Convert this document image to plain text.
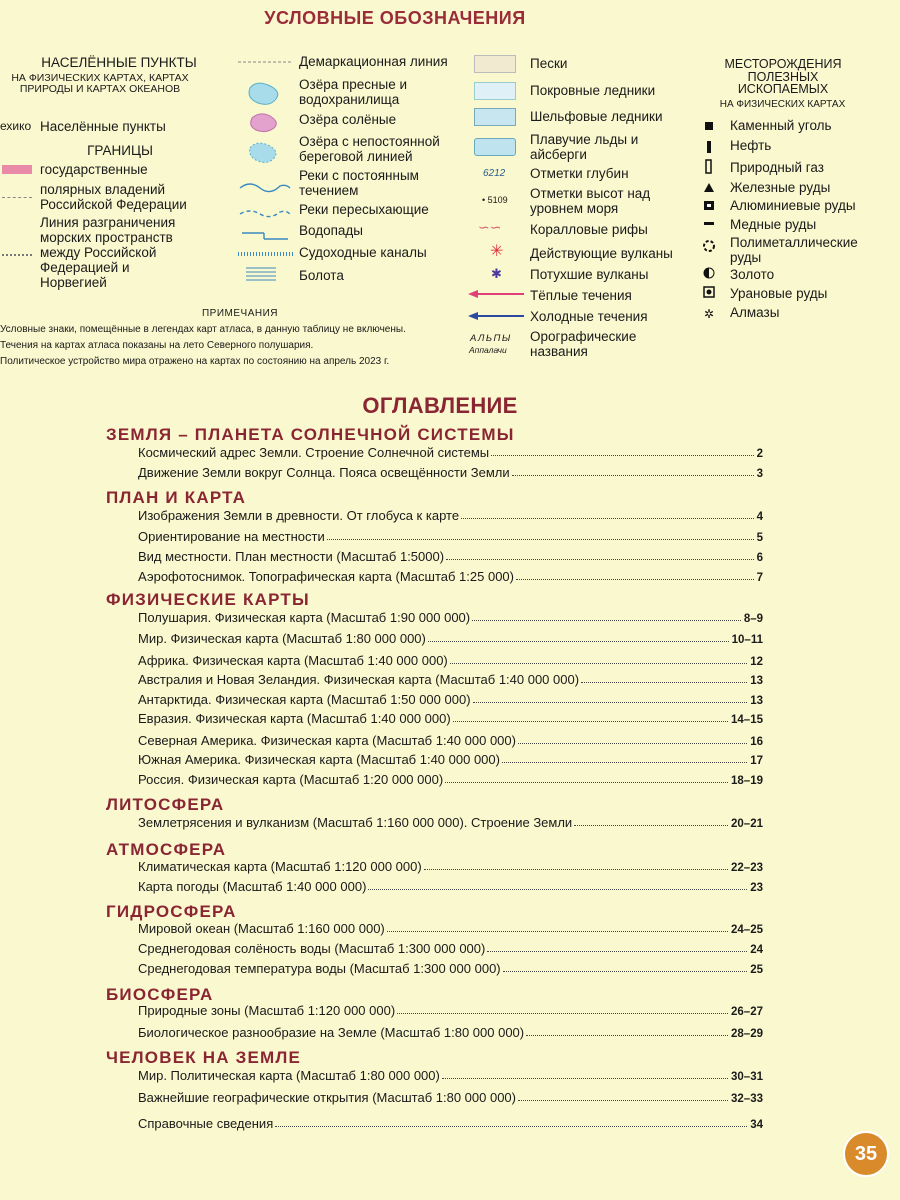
УСЛОВНЫЕ ОБОЗНАЧЕНИЯ
НАСЕЛЁННЫЕ ПУНКТЫ
НА ФИЗИЧЕСКИХ КАРТАХ, КАРТАХ ПРИРОДЫ И КАРТАХ ОКЕАНОВ
ехико Населённые пункты
ГРАНИЦЫ
государственные
полярных владений Российской Федерации
Линия разграничения морских пространств между Российской Федерацией и Норвегией
Демаркационная линия
Озёра пресные и водохранилища
Озёра солёные
Озёра с непостоянной береговой линией
Реки с постоянным течением
Реки пересыхающие
Водопады
Судоходные каналы
Болота
6212
• 5109
∽∽
✳
✱
АЛЬПЫ
Аппалачи
Пески
Покровные ледники
Шельфовые ледники
Плавучие льды и айсберги
Отметки глубин
Отметки высот над уровнем моря
Коралловые рифы
Действующие вулканы
Потухшие вулканы
Тёплые течения
Холодные течения
Орографические названия
МЕСТОРОЖДЕНИЯ ПОЛЕЗНЫХ ИСКОПАЕМЫХ
НА ФИЗИЧЕСКИХ КАРТАХ
✲
Каменный уголь
Нефть
Природный газ
Железные руды
Алюминиевые руды
Медные руды
Полиметаллические руды
Золото
Урановые руды
Алмазы
ПРИМЕЧАНИЯ
Условные знаки, помещённые в легендах карт атласа, в данную таблицу не включены.
Течения на картах атласа показаны на лето Северного полушария.
Политическое устройство мира отражено на картах по состоянию на апрель 2023 г.
ОГЛАВЛЕНИЕ
ЗЕМЛЯ – ПЛАНЕТА СОЛНЕЧНОЙ СИСТЕМЫ
Космический адрес Земли. Строение Солнечной системы	2
Движение Земли вокруг Солнца. Пояса освещённости Земли	3
ПЛАН И КАРТА
Изображения Земли в древности. От глобуса к карте	4
Ориентирование на местности	5
Вид местности. План местности (Масштаб 1:5000)	6
Аэрофотоснимок. Топографическая карта (Масштаб 1:25 000)	7
ФИЗИЧЕСКИЕ КАРТЫ
Полушария. Физическая карта (Масштаб 1:90 000 000)	8–9
Мир. Физическая карта (Масштаб 1:80 000 000)	10–11
Африка. Физическая карта (Масштаб 1:40 000 000)	12
Австралия и Новая Зеландия. Физическая карта (Масштаб 1:40 000 000)	13
Антарктида. Физическая карта (Масштаб 1:50 000 000)	13
Евразия. Физическая карта (Масштаб 1:40 000 000)	14–15
Северная Америка. Физическая карта (Масштаб 1:40 000 000)	16
Южная Америка. Физическая карта (Масштаб 1:40 000 000)	17
Россия. Физическая карта (Масштаб 1:20 000 000)	18–19
ЛИТОСФЕРА
Землетрясения и вулканизм (Масштаб 1:160 000 000). Строение Земли	20–21
АТМОСФЕРА
Климатическая карта (Масштаб 1:120 000 000)	22–23
Карта погоды (Масштаб 1:40 000 000)	23
ГИДРОСФЕРА
Мировой океан (Масштаб 1:160 000 000)	24–25
Среднегодовая солёность воды (Масштаб 1:300 000 000)	24
Среднегодовая температура воды (Масштаб 1:300 000 000)	25
БИОСФЕРА
Природные зоны (Масштаб 1:120 000 000)	26–27
Биологическое разнообразие на Земле (Масштаб 1:80 000 000)	28–29
ЧЕЛОВЕК НА ЗЕМЛЕ
Мир. Политическая карта (Масштаб 1:80 000 000)	30–31
Важнейшие географические открытия (Масштаб 1:80 000 000)	32–33
Справочные сведения	34
35
